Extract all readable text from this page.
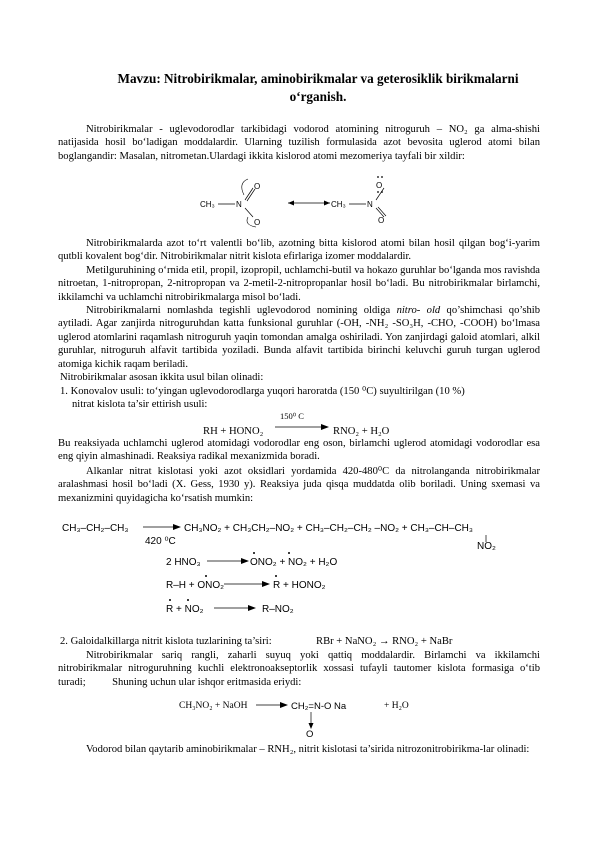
Mavzu: Nitrobirikmalar, aminobirikmalar va geterosiklik birikmalarni
o‘rganish.
Nitrobirikmalar - uglevodorodlar tarkibidagi vodorod atomining nitroguruh – NO₂ ga alma-shishi natijasida hosil bo‘ladigan moddalardir. Ularning tuzilish formulasida azot bevosita uglerod atomi bilan boglangandir: Masalan, nitrometan.Ulardagi ikkita kislorod atomi mezomeriya tayfali bir xildir:
CH₃	N
O
O
CH₃	N
O
O
Nitrobirikmalarda azot to‘rt valentli bo‘lib, azotning bitta kislorod atomi bilan hosil qilgan bog‘i-yarim qutbli kovalent bog‘dir. Nitrobirikmalar nitrit kislota efirlariga izomer moddalardir.
Metilguruhining o‘rnida etil, propil, izopropil, uchlamchi-butil va hokazo guruhlar bo‘lganda mos ravishda nitroetan, 1-nitropropan, 2-nitropropan va 2-metil-2-nitropropanlar hosil bo‘ladi. Bu nitrobirikmalar birlamchi, ikkilamchi va uchlamchi nitrobirikmalarga misol bo‘ladi.
Nitrobirikmalarni nomlashda tegishli uglevodorod nomining oldiga nitro- old qo’shimchasi qo’shib aytiladi. Agar zanjirda nitroguruhdan katta funksional guruhlar (-OH, -NH₂ -SO₃H, -CHO, -COOH) bo‘lmasa uglerod atomlarini raqamlash nitroguruh yaqin tomondan amalga oshiriladi. Yon zanjirdagi galoid atomlari, alkil guruhlar, nitroguruh alfavit tartibida yoziladi. Bunda alfavit tartibida birinchi keluvchi guruh turgan uglerod atomiga kichik raqam beriladi.
Nitrobirikmalar asosan ikkita usul bilan olinadi:
1. Konovalov usuli: to‘yingan uglevodorodlarga yuqori haroratda (150 ⁰C) suyultirilgan (10 %)
nitrat kislota ta’sir ettirish usuli:
RH + HONO₂
150⁰ C
RNO₂ + H₂O
Bu reaksiyada uchlamchi uglerod atomidagi vodorodlar eng oson, birlamchi uglerod atomidagi vodorodlar esa eng qiyin almashinadi. Reaksiya radikal mexanizmida boradi.
Alkanlar nitrat kislotasi yoki azot oksidlari yordamida 420-480⁰C da nitrolanganda nitrobirikmalar aralashmasi hosil bo‘ladi (X. Gess, 1930 y). Reaksiya juda qisqa muddatda olib boriladi. Uning sxemasi va mexanizmini quyidagicha ko‘rsatish mumkin:
CH₃–CH₂–CH₃
420 ⁰C
CH₃NO₂ + CH₃CH₂–NO₂ + CH₃–CH₂–CH₂ –NO₂ + CH₃–CH–CH₃
NO₂
2 HNO₃	ONO₂ + NO₂ + H₂O
R–H + ONO₂	R + HONO₂
R + NO₂	R–NO₂
2. Galoidalkillarga nitrit kislota tuzlarining ta’siri:	RBr + NaNO₂ → RNO₂ + NaBr
Nitrobirikmalar sariq rangli, zaharli suyuq yoki qattiq moddalardir. Birlamchi va ikkilamchi nitrobirikmalar nitroguruhning kuchli elektronoakseptorlik xossasi tufayli tautomer kislota formasiga o‘tib turadi; Shuning uchun ular ishqor eritmasida eriydi:
CH₃NO₂ + NaOH	CH₂=N-O Na	+ H₂O
O
Vodorod bilan qaytarib aminobirikmalar – RNH₂, nitrit kislotasi ta’sirida nitrozonitrobirikma-lar olinadi:
